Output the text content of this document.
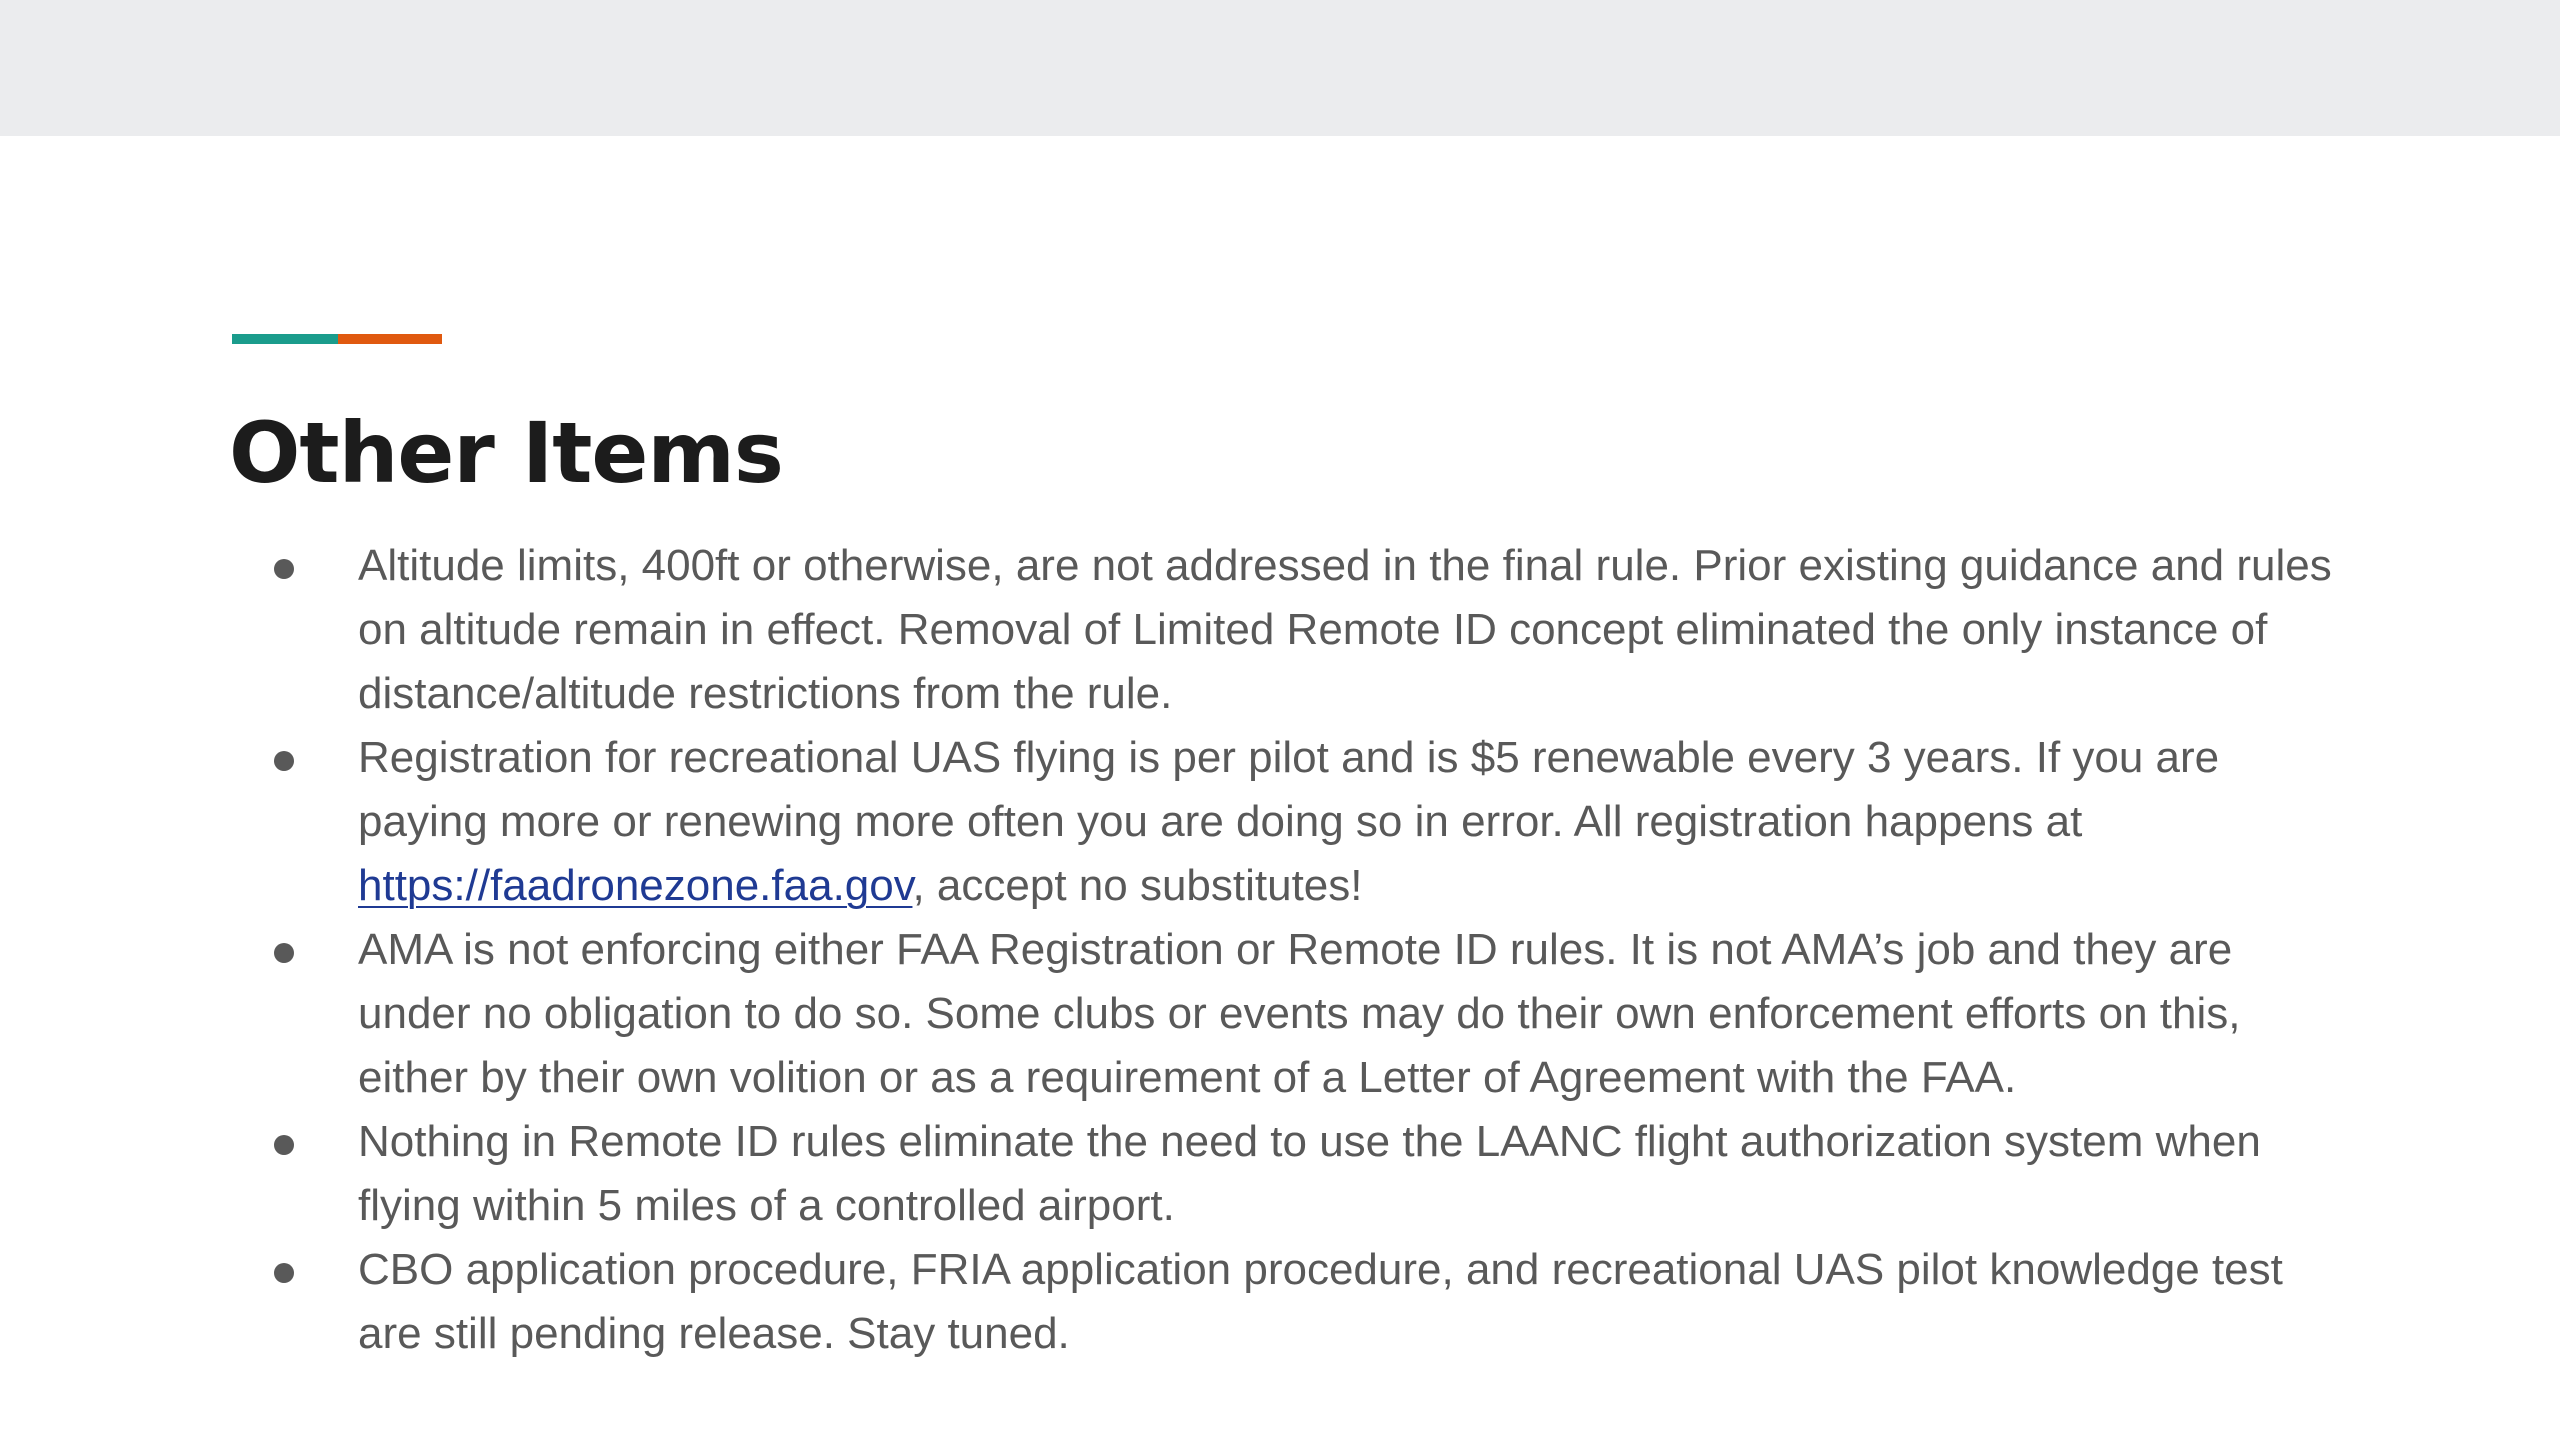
Other Items
Altitude limits, 400ft or otherwise, are not addressed in the final rule. Prior existing guidance and rules on altitude remain in effect. Removal of Limited Remote ID concept eliminated the only instance of distance/altitude restrictions from the rule.
Registration for recreational UAS flying is per pilot and is $5 renewable every 3 years. If you are paying more or renewing more often you are doing so in error. All registration happens at https://faadronezone.faa.gov, accept no substitutes!
AMA is not enforcing either FAA Registration or Remote ID rules. It is not AMA’s job and they are under no obligation to do so. Some clubs or events may do their own enforcement efforts on this, either by their own volition or as a requirement of a Letter of Agreement with the FAA.
Nothing in Remote ID rules eliminate the need to use the LAANC flight authorization system when flying within 5 miles of a controlled airport.
CBO application procedure, FRIA application procedure, and recreational UAS pilot knowledge test are still pending release. Stay tuned.
